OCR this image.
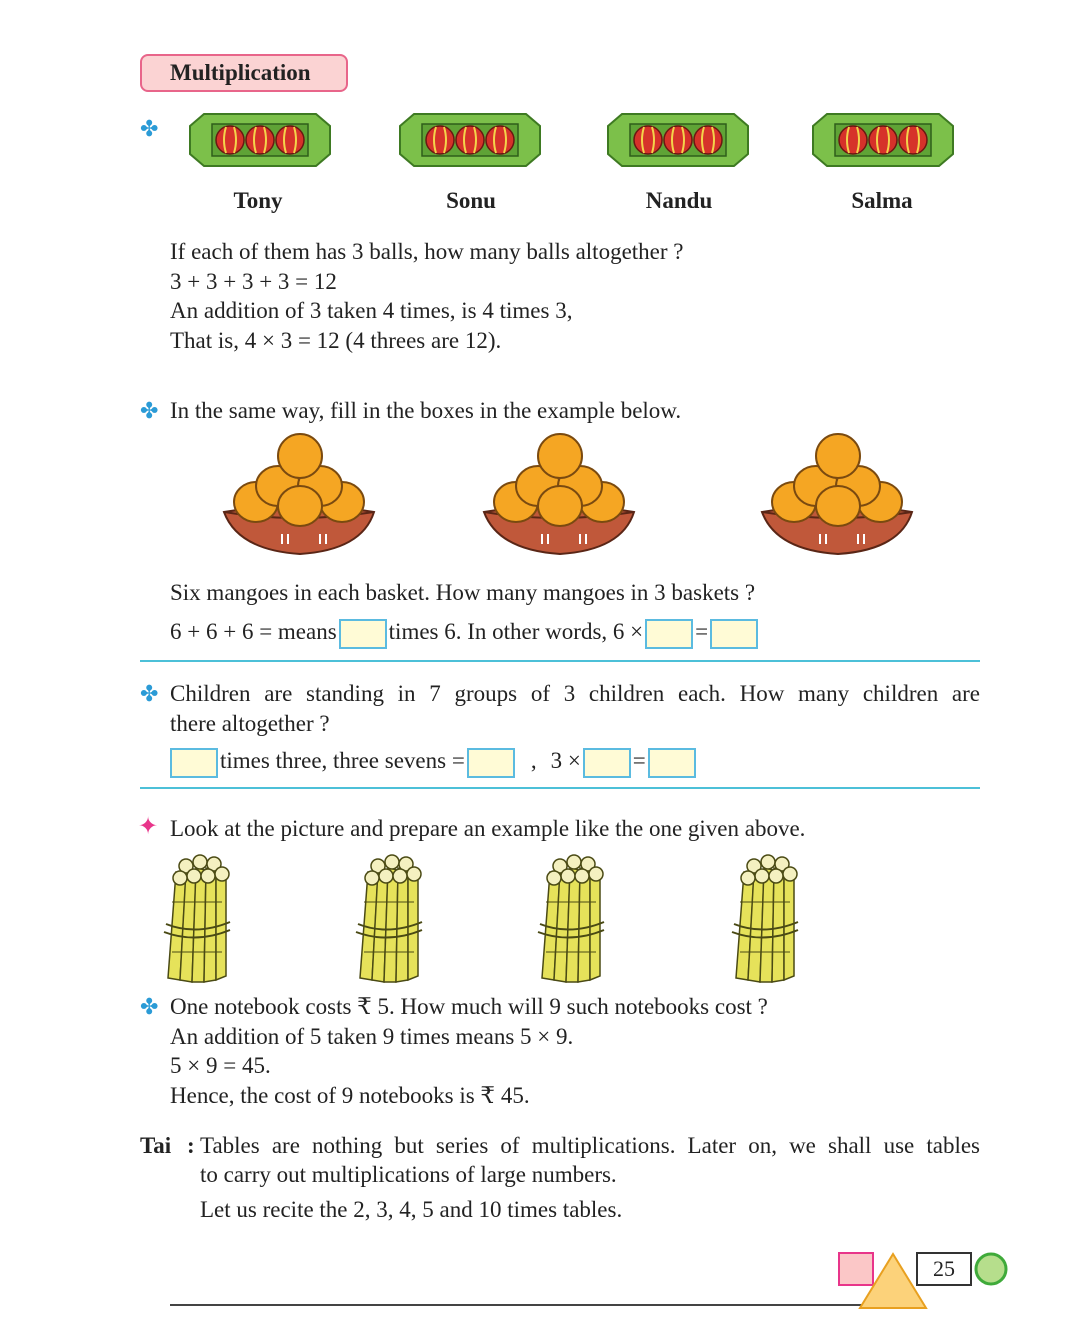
Multiplication
✤
Tony	Sonu	Nandu	Salma
If each of them has 3 balls, how many balls altogether ?
3 + 3 + 3 + 3 = 12
An addition of 3 taken 4 times, is 4 times 3,
That is, 4 × 3 = 12 (4 threes are 12).
✤ In the same way, fill in the boxes in the example below.
Six mangoes in each basket. How many mangoes in 3 baskets ?
6 + 6 + 6 = means times 6. In other words, 6 × =
✤ Children are standing in 7 groups of 3 children each. How many children are
there altogether ?
times three, three sevens =	, 3 × =
✦ Look at the picture and prepare an example like the one given above.
✤ One notebook costs ₹ 5. How much will 9 such notebooks cost ?
An addition of 5 taken 9 times means 5 × 9.
5 × 9 = 45.
Hence, the cost of 9 notebooks is ₹ 45.
Tai : Tables are nothing but series of multiplications. Later on, we shall use tables
to carry out multiplications of large numbers.
Let us recite the 2, 3, 4, 5 and 10 times tables.
25
